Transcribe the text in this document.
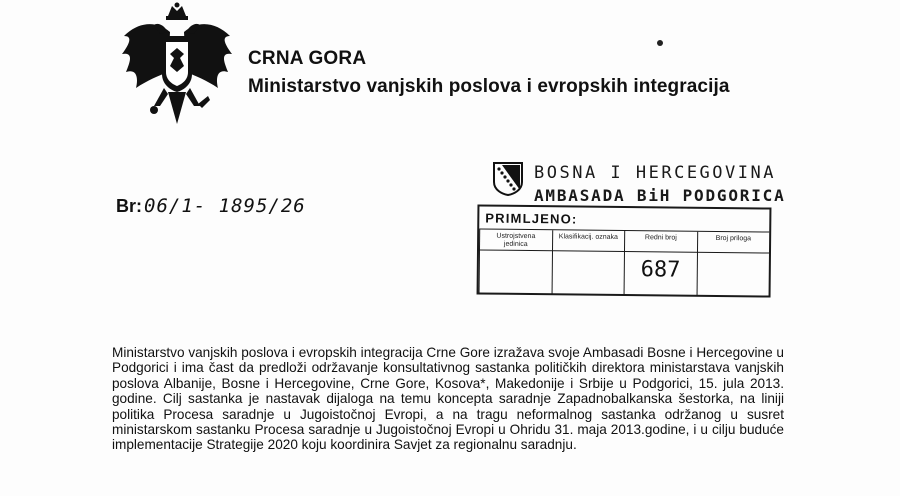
CRNA GORA
Ministarstvo vanjskih poslova i evropskih integracija
Br: 06/1- 1895/26
BOSNA I HERCEGOVINA
AMBASADA BiH PODGORICA
PRIMLJENO:
Ustrojstvena jedinica
Klasifikacij. oznaka	Redni broj
687
Broj priloga
Ministarstvo vanjskih poslova i evropskih integracija Crne Gore izražava svoje Ambasadi Bosne i Hercegovine u Podgorici i ima čast da predloži održavanje konsultativnog sastanka političkih direktora ministarstava vanjskih poslova Albanije, Bosne i Hercegovine, Crne Gore, Kosova*, Makedonije i Srbije u Podgorici, 15. jula 2013. godine. Cilj sastanka je nastavak dijaloga na temu koncepta saradnje Zapadnobalkanska šestorka, na liniji politika Procesa saradnje u Jugoistočnoj Evropi, a na tragu neformalnog sastanka održanog u susret ministarskom sastanku Procesa saradnje u Jugoistočnoj Evropi u Ohridu 31. maja 2013.godine, i u cilju buduće implementacije Strategije 2020 koju koordinira Savjet za regionalnu saradnju.
